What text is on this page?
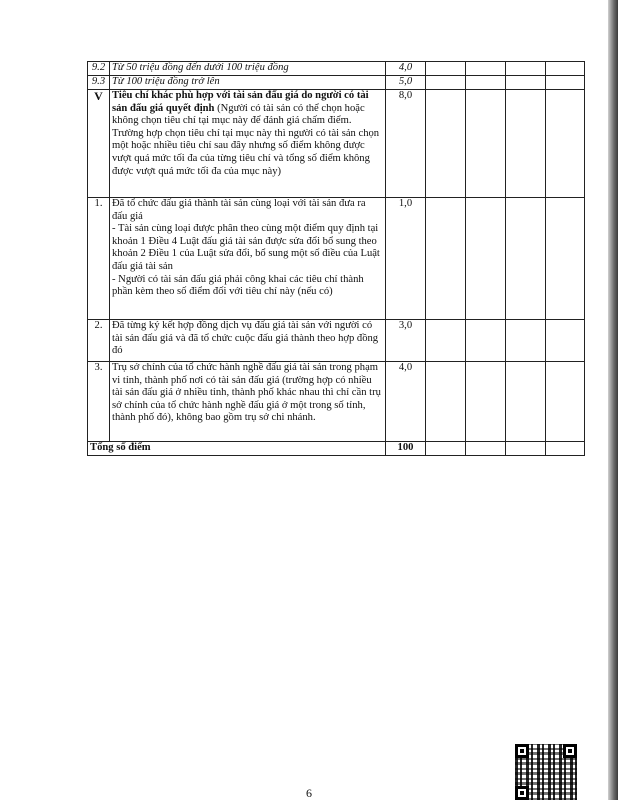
9.2	Từ 50 triệu đồng đến dưới 100 triệu đồng	4,0				
9.3	Từ 100 triệu đồng trở lên	5,0				
V	Tiêu chí khác phù hợp với tài sản đấu giá do người có tài sản đấu giá quyết định (Người có tài sản có thể chọn hoặc không chọn tiêu chí tại mục này để đánh giá chấm điểm. Trường hợp chọn tiêu chí tại mục này thì người có tài sản chọn một hoặc nhiều tiêu chí sau đây nhưng số điểm không được vượt quá mức tối đa của từng tiêu chí và tổng số điểm không được vượt quá mức tối đa của mục này)	8,0				
1.	Đã tổ chức đấu giá thành tài sản cùng loại với tài sản đưa ra đấu giá
- Tài sản cùng loại được phân theo cùng một điểm quy định tại khoản 1 Điều 4 Luật đấu giá tài sản được sửa đổi bổ sung theo khoản 2 Điều 1 của Luật sửa đổi, bổ sung một số điều của Luật đấu giá tài sản
- Người có tài sản đấu giá phải công khai các tiêu chí thành phần kèm theo số điểm đối với tiêu chí này (nếu có)	1,0				
2.	Đã từng ký kết hợp đồng dịch vụ đấu giá tài sản với người có tài sản đấu giá và đã tổ chức cuộc đấu giá thành theo hợp đồng đó	3,0				
3.	Trụ sở chính của tổ chức hành nghề đấu giá tài sản trong phạm vi tỉnh, thành phố nơi có tài sản đấu giá (trường hợp có nhiều tài sản đấu giá ở nhiều tỉnh, thành phố khác nhau thì chỉ cần trụ sở chính của tổ chức hành nghề đấu giá ở một trong số tỉnh, thành phố đó), không bao gồm trụ sở chi nhánh.	4,0				
Tổng số điểm		100				
6
